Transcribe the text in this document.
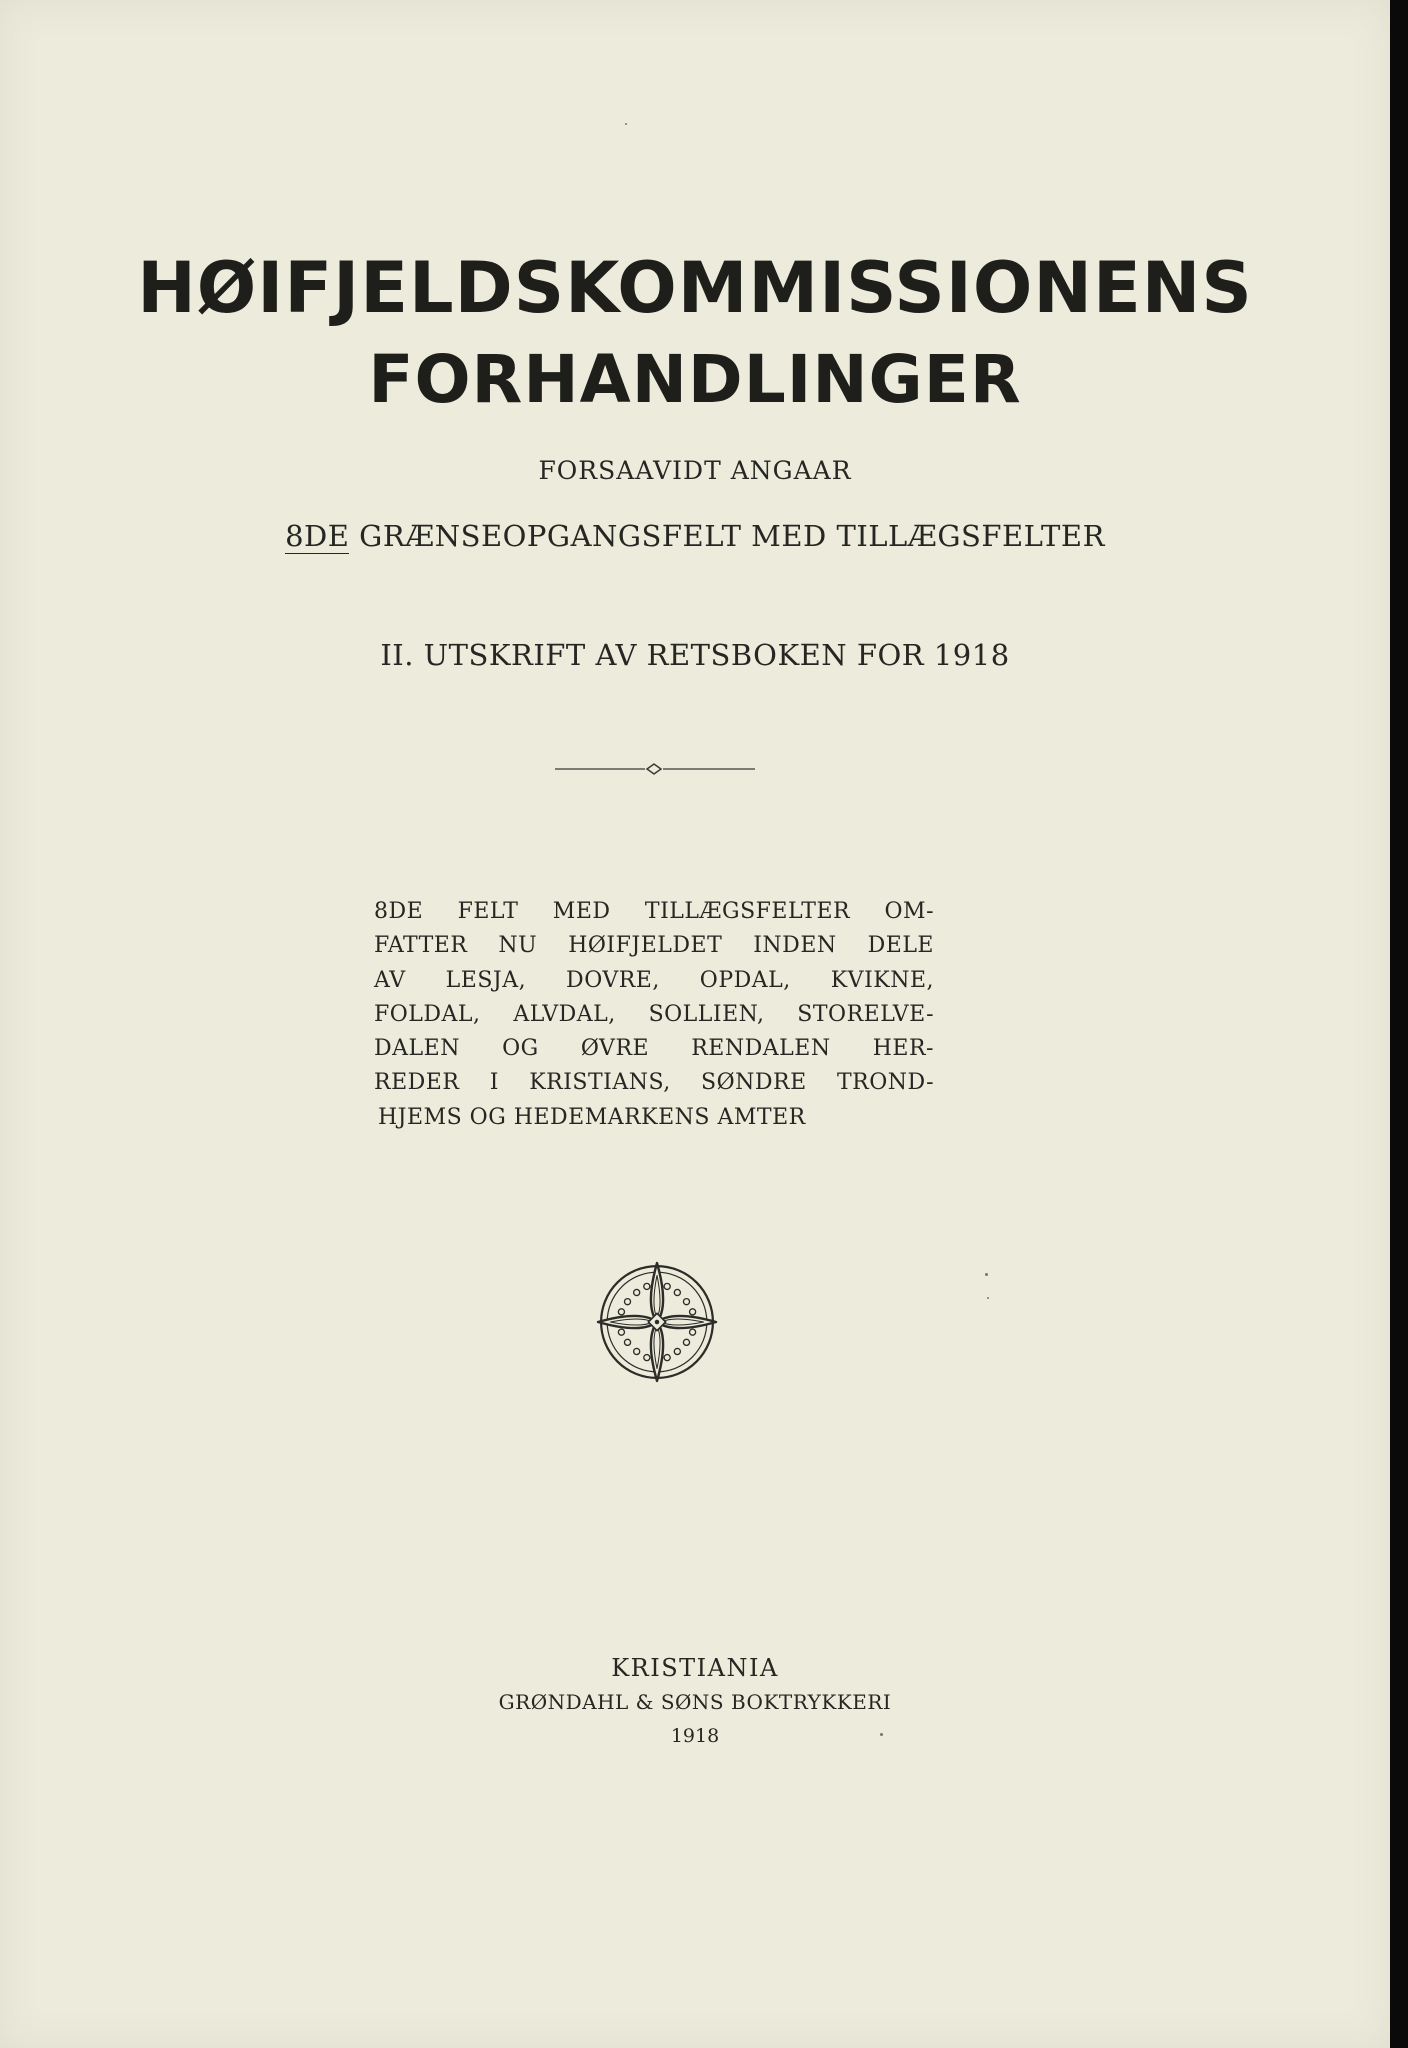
HØIFJELDSKOMMISSIONENS
FORHANDLINGER

FORSAAVIDT ANGAAR

8DE GRÆNSEOPGANGSFELT MED TILLÆGSFELTER

II. UTSKRIFT AV RETSBOKEN FOR 1918

8DE FELT MED TILLÆGSFELTER OM-
FATTER NU HØIFJELDET INDEN DELE
AV LESJA, DOVRE, OPDAL, KVIKNE,
FOLDAL, ALVDAL, SOLLIEN, STORELVE-
DALEN OG ØVRE RENDALEN HER-
REDER I KRISTIANS, SØNDRE TROND-
HJEMS OG HEDEMARKENS AMTER

KRISTIANIA

GRØNDAHL & SØNS BOKTRYKKERI

1918
